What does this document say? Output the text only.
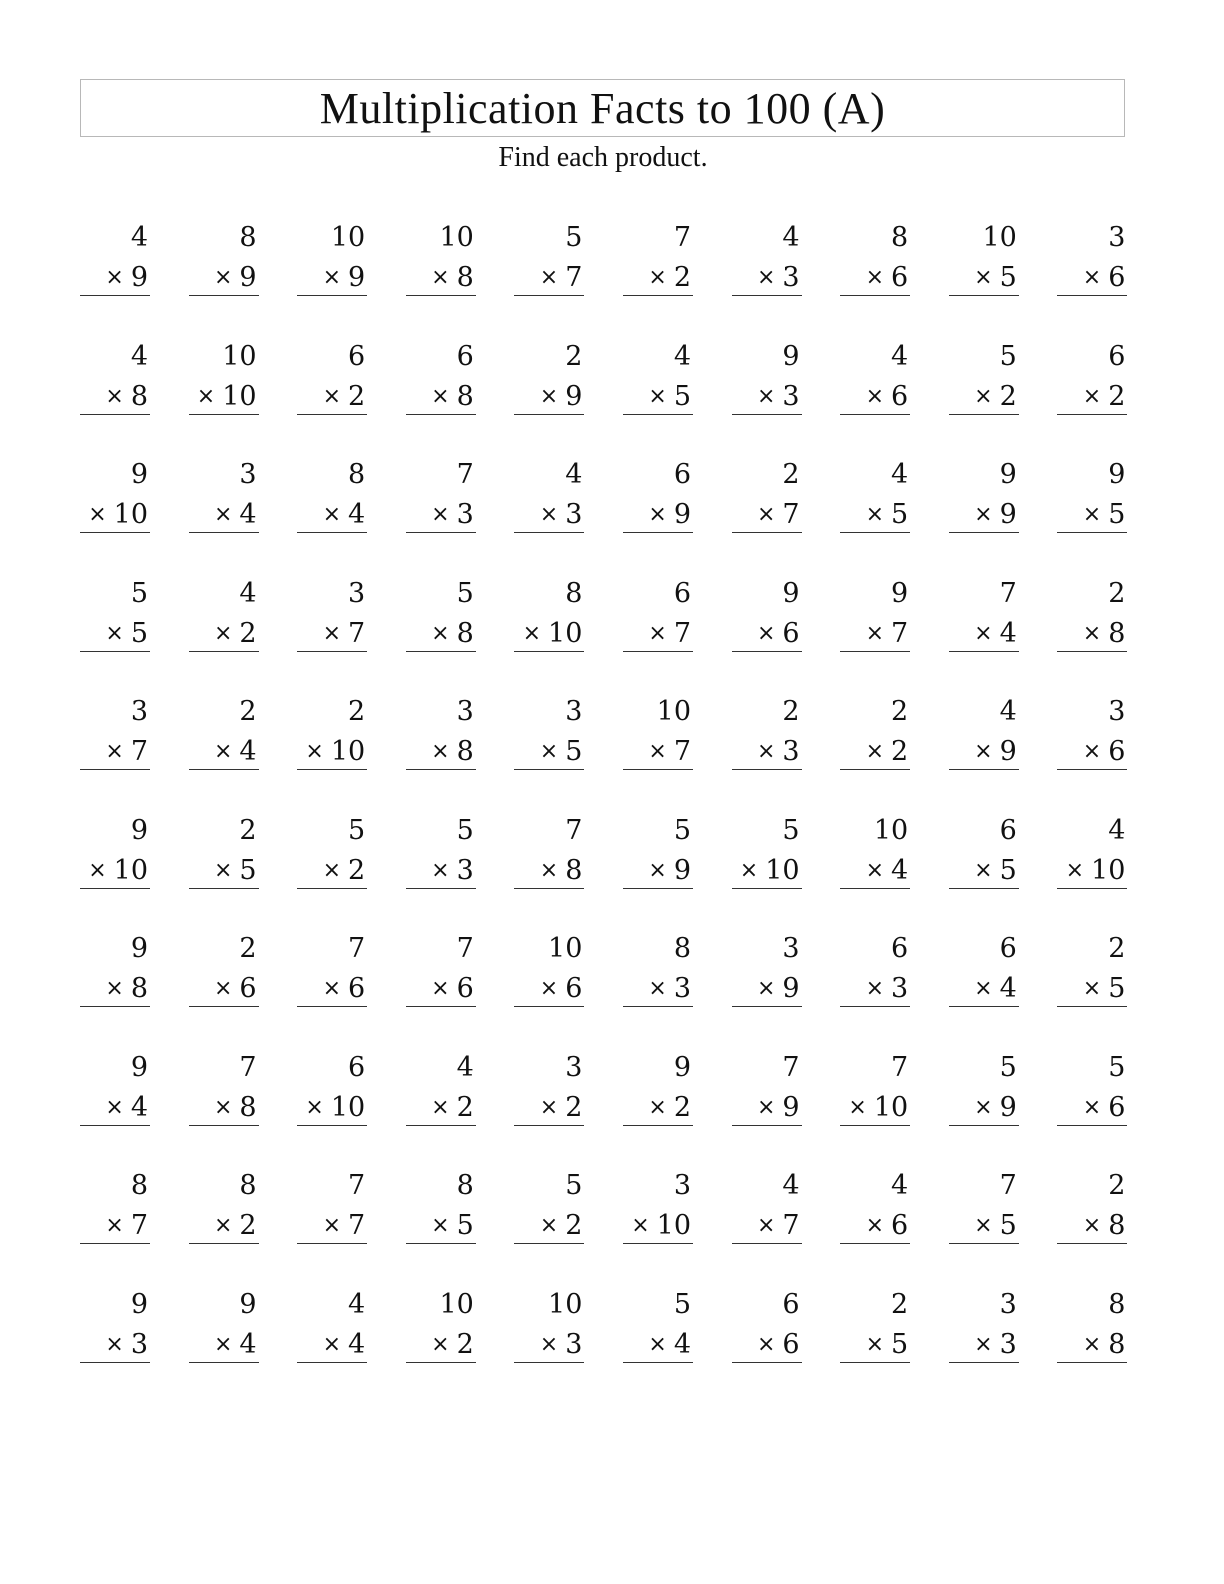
Multiplication Facts to 100 (A)
Find each product.
4
× 9
8
× 9
10
× 9
10
× 8
5
× 7
7
× 2
4
× 3
8
× 6
10
× 5
3
× 6
4
× 8
10
× 10
6
× 2
6
× 8
2
× 9
4
× 5
9
× 3
4
× 6
5
× 2
6
× 2
9
× 10
3
× 4
8
× 4
7
× 3
4
× 3
6
× 9
2
× 7
4
× 5
9
× 9
9
× 5
5
× 5
4
× 2
3
× 7
5
× 8
8
× 10
6
× 7
9
× 6
9
× 7
7
× 4
2
× 8
3
× 7
2
× 4
2
× 10
3
× 8
3
× 5
10
× 7
2
× 3
2
× 2
4
× 9
3
× 6
9
× 10
2
× 5
5
× 2
5
× 3
7
× 8
5
× 9
5
× 10
10
× 4
6
× 5
4
× 10
9
× 8
2
× 6
7
× 6
7
× 6
10
× 6
8
× 3
3
× 9
6
× 3
6
× 4
2
× 5
9
× 4
7
× 8
6
× 10
4
× 2
3
× 2
9
× 2
7
× 9
7
× 10
5
× 9
5
× 6
8
× 7
8
× 2
7
× 7
8
× 5
5
× 2
3
× 10
4
× 7
4
× 6
7
× 5
2
× 8
9
× 3
9
× 4
4
× 4
10
× 2
10
× 3
5
× 4
6
× 6
2
× 5
3
× 3
8
× 8
